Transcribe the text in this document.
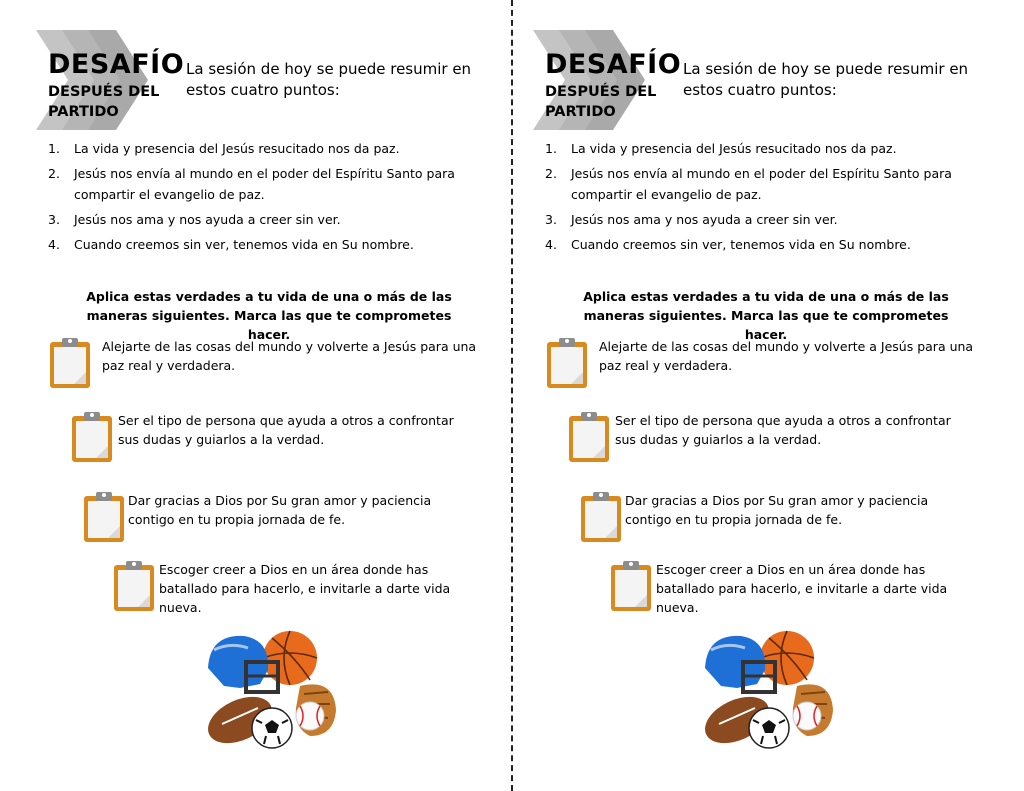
DESAFÍO
DESPUÉS DEL PARTIDO
La sesión de hoy se puede resumir en estos cuatro puntos:
1. La vida y presencia del Jesús resucitado nos da paz.
2. Jesús nos envía al mundo en el poder del Espíritu Santo para compartir el evangelio de paz.
3. Jesús nos ama y nos ayuda a creer sin ver.
4. Cuando creemos sin ver, tenemos vida en Su nombre.
Aplica estas verdades a tu vida de una o más de las maneras siguientes. Marca las que te comprometes hacer.
Alejarte de las cosas del mundo y volverte a Jesús para una paz real y verdadera.
Ser el tipo de persona que ayuda a otros a confrontar sus dudas y guiarlos a la verdad.
Dar gracias a Dios por Su gran amor y paciencia contigo en tu propia jornada de fe.
Escoger creer a Dios en un área donde has batallado para hacerlo, e invitarle a darte vida nueva.
DESAFÍO
DESPUÉS DEL PARTIDO
La sesión de hoy se puede resumir en estos cuatro puntos:
1. La vida y presencia del Jesús resucitado nos da paz.
2. Jesús nos envía al mundo en el poder del Espíritu Santo para compartir el evangelio de paz.
3. Jesús nos ama y nos ayuda a creer sin ver.
4. Cuando creemos sin ver, tenemos vida en Su nombre.
Aplica estas verdades a tu vida de una o más de las maneras siguientes. Marca las que te comprometes hacer.
Alejarte de las cosas del mundo y volverte a Jesús para una paz real y verdadera.
Ser el tipo de persona que ayuda a otros a confrontar sus dudas y guiarlos a la verdad.
Dar gracias a Dios por Su gran amor y paciencia contigo en tu propia jornada de fe.
Escoger creer a Dios en un área donde has batallado para hacerlo, e invitarle a darte vida nueva.
